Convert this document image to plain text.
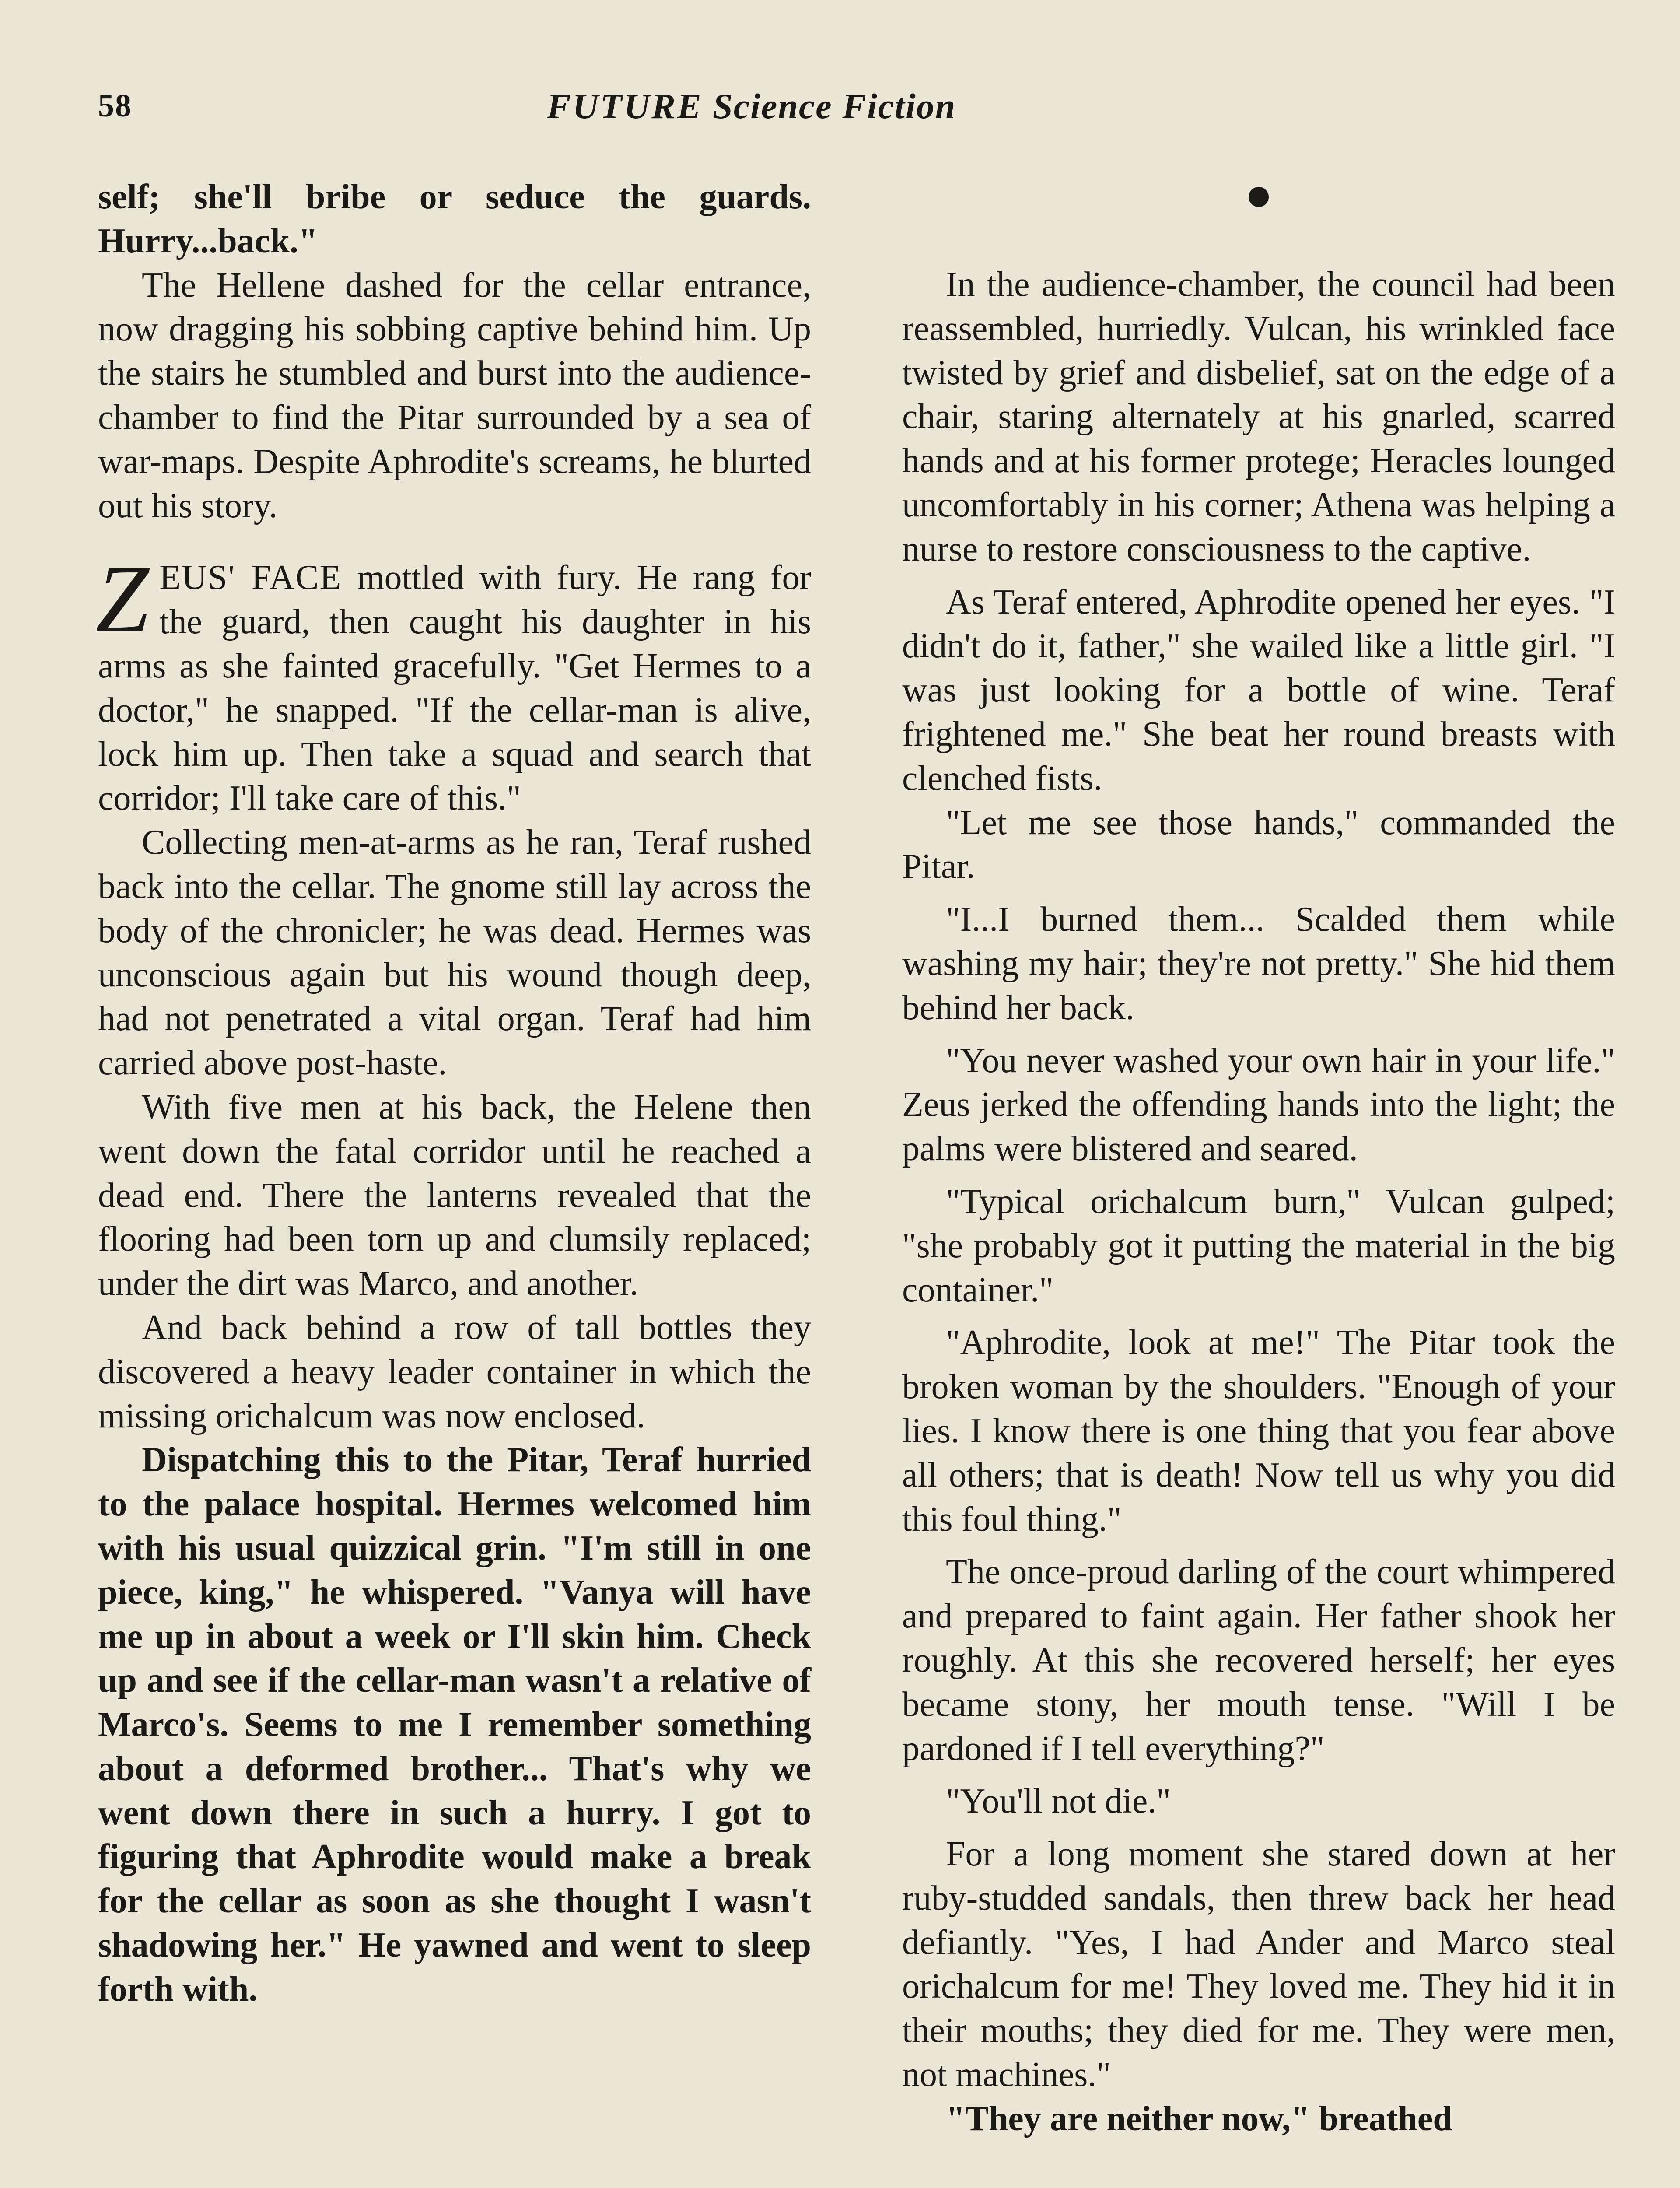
58	FUTURE Science Fiction

self; she'll bribe or seduce the guards. Hurry...back."

The Hellene dashed for the cellar entrance, now dragging his sobbing captive behind him. Up the stairs he stumbled and burst into the audience-chamber to find the Pitar surrounded by a sea of war-maps. Despite Aphrodite's screams, he blurted out his story.

ZEUS' FACE mottled with fury. He rang for the guard, then caught his daughter in his arms as she fainted gracefully. "Get Hermes to a doctor," he snapped. "If the cellar-man is alive, lock him up. Then take a squad and search that corridor; I'll take care of this."

Collecting men-at-arms as he ran, Teraf rushed back into the cellar. The gnome still lay across the body of the chronicler; he was dead. Hermes was unconscious again but his wound though deep, had not penetrated a vital organ. Teraf had him carried above post-haste.

With five men at his back, the Helene then went down the fatal corridor until he reached a dead end. There the lanterns revealed that the flooring had been torn up and clumsily replaced; under the dirt was Marco, and another.

And back behind a row of tall bottles they discovered a heavy leader container in which the missing orichalcum was now enclosed.

Dispatching this to the Pitar, Teraf hurried to the palace hospital. Hermes welcomed him with his usual quizzical grin. "I'm still in one piece, king," he whispered. "Vanya will have me up in about a week or I'll skin him. Check up and see if the cellar-man wasn't a relative of Marco's. Seems to me I remember something about a deformed brother... That's why we went down there in such a hurry. I got to figuring that Aphrodite would make a break for the cellar as soon as she thought I wasn't shadowing her." He yawned and went to sleep forth with.

In the audience-chamber, the council had been reassembled, hurriedly. Vulcan, his wrinkled face twisted by grief and disbelief, sat on the edge of a chair, staring alternately at his gnarled, scarred hands and at his former protege; Heracles lounged uncomfortably in his corner; Athena was helping a nurse to restore consciousness to the captive.

As Teraf entered, Aphrodite opened her eyes. "I didn't do it, father," she wailed like a little girl. "I was just looking for a bottle of wine. Teraf frightened me." She beat her round breasts with clenched fists.

"Let me see those hands," commanded the Pitar.

"I...I burned them... Scalded them while washing my hair; they're not pretty." She hid them behind her back.

"You never washed your own hair in your life." Zeus jerked the offending hands into the light; the palms were blistered and seared.

"Typical orichalcum burn," Vulcan gulped; "she probably got it putting the material in the big container."

"Aphrodite, look at me!" The Pitar took the broken woman by the shoulders. "Enough of your lies. I know there is one thing that you fear above all others; that is death! Now tell us why you did this foul thing."

The once-proud darling of the court whimpered and prepared to faint again. Her father shook her roughly. At this she recovered herself; her eyes became stony, her mouth tense. "Will I be pardoned if I tell everything?"

"You'll not die."

For a long moment she stared down at her ruby-studded sandals, then threw back her head defiantly. "Yes, I had Ander and Marco steal orichalcum for me! They loved me. They hid it in their mouths; they died for me. They were men, not machines."

"They are neither now," breathed
